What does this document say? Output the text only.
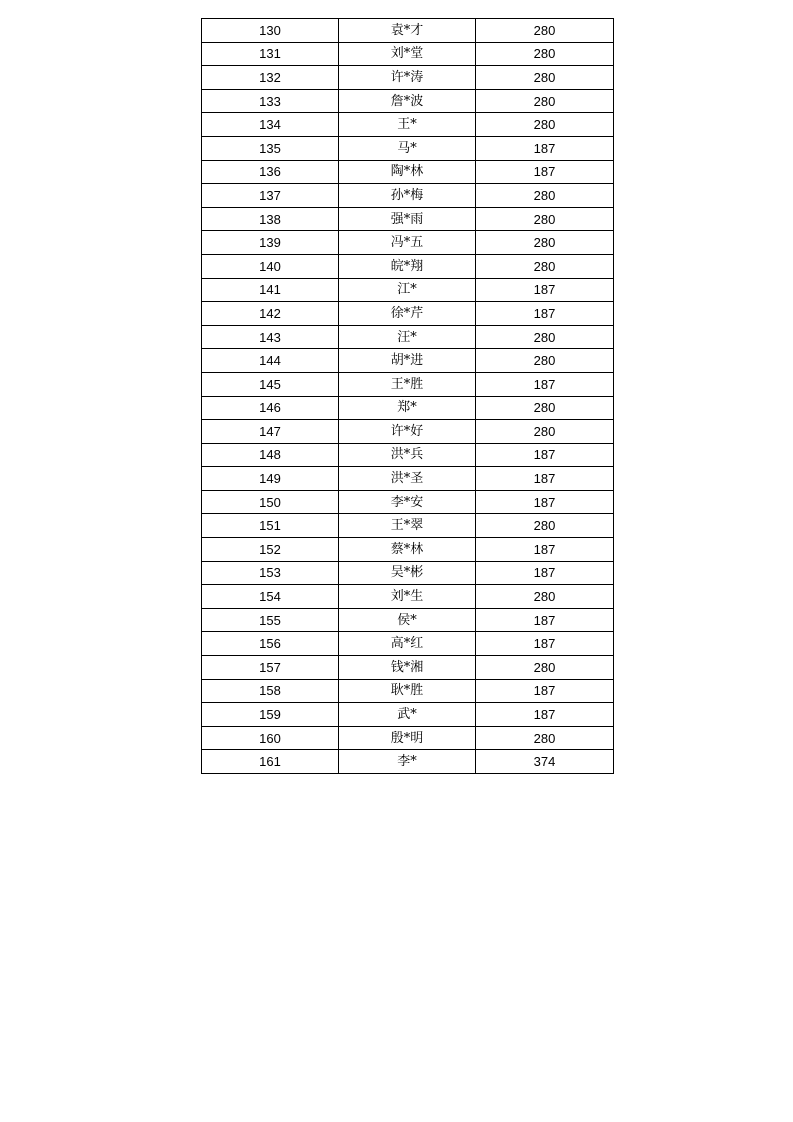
130	袁*才	280
131	刘*堂	280
132	许*涛	280
133	詹*波	280
134	王*	280
135	马*	187
136	陶*林	187
137	孙*梅	280
138	强*雨	280
139	冯*五	280
140	皖*翔	280
141	江*	187
142	徐*芹	187
143	汪*	280
144	胡*进	280
145	王*胜	187
146	郑*	280
147	许*好	280
148	洪*兵	187
149	洪*圣	187
150	李*安	187
151	王*翠	280
152	蔡*林	187
153	吴*彬	187
154	刘*生	280
155	侯*	187
156	高*红	187
157	钱*湘	280
158	耿*胜	187
159	武*	187
160	殷*明	280
161	李*	374
